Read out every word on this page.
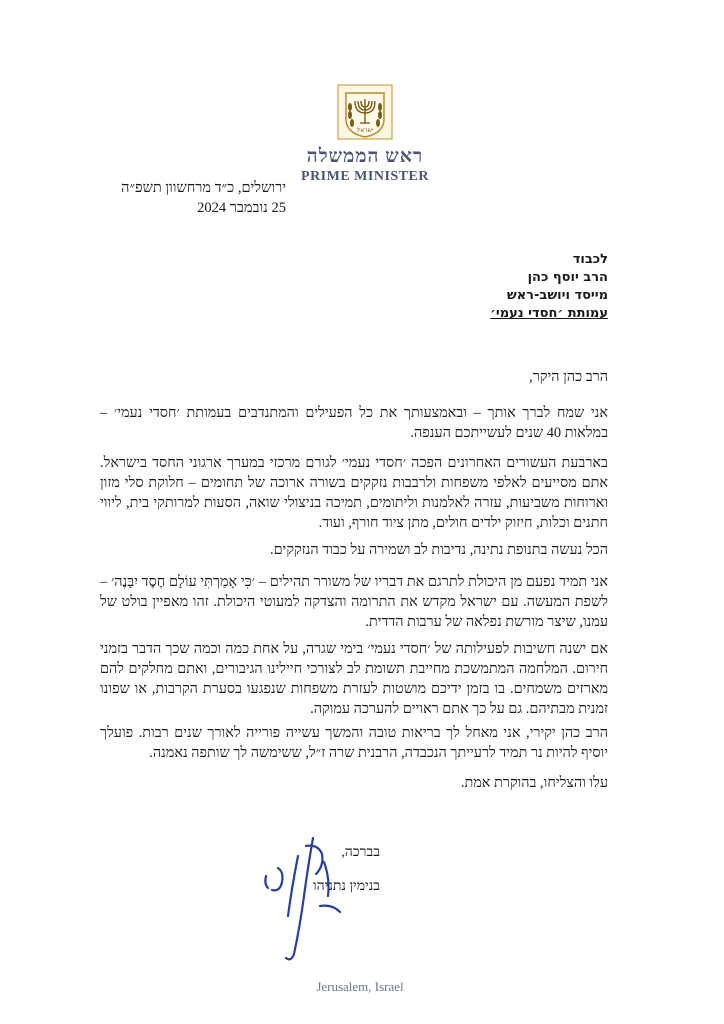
ישראל
ראש הממשלה
PRIME MINISTER
ירושלים, כ״ד מרחשוון תשפ״ה
25 נובמבר 2024
לכבוד
הרב יוסף כהן
מייסד ויושב-ראש
עמותת ׳חסדי נעמי׳
הרב כהן היקר,
אני שמח לברך אותך – ובאמצעותך את כל הפעילים והמתנדבים בעמותת ׳חסדי נעמי׳ – במלאות 40 שנים לעשייתכם הענפה.
בארבעת העשורים האחרונים הפכה ׳חסדי נעמי׳ לגורם מרכזי במערך ארגוני החסד בישראל. אתם מסייעים לאלפי משפחות ולרבבות נזקקים בשורה ארוכה של תחומים – חלוקת סלי מזון וארוחות משביעות, עזרה לאלמנות וליתומים, תמיכה בניצולי שואה, הסעות למרותקי בית, ליווי חתנים וכלות, חיזוק ילדים חולים, מתן ציוד חורף, ועוד.
הכל נעשה בתנופת נתינה, נדיבות לב ושמירה על כבוד הנזקקים.
אני תמיד נפעם מן היכולת לתרגם את דבריו של משורר תהילים – ׳כִּי אָמַרְתִּי עוֹלָם חֶסֶד יִבָּנֶה׳ – לשפת המעשה. עם ישראל מקדש את התרומה והצדקה למעוטי היכולת. זהו מאפיין בולט של עמנו, שיצר מורשת נפלאה של ערבות הדדית.
אם ישנה חשיבות לפעילותה של ׳חסדי נעמי׳ בימי שגרה, על אחת כמה וכמה שכך הדבר בזמני חירום. המלחמה המתמשכת מחייבת תשומת לב לצורכי חיילינו הגיבורים, ואתם מחלקים להם מארזים משמחים. בו בזמן ידיכם מושטות לעזרת משפחות שנפגעו בסערת הקרבות, או שפונו זמנית מבתיהם. גם על כך אתם ראויים להערכה עמוקה.
הרב כהן יקירי, אני מאחל לך בריאות טובה והמשך עשייה פורייה לאורך שנים רבות. פועלך יוסיף להיות נר תמיד לרעייתך הנכבדה, הרבנית שרה ז״ל, ששימשה לך שותפה נאמנה.
עלו והצליחו, בהוקרת אמת.
בברכה,
בנימין נתניהו
Jerusalem, Israel
